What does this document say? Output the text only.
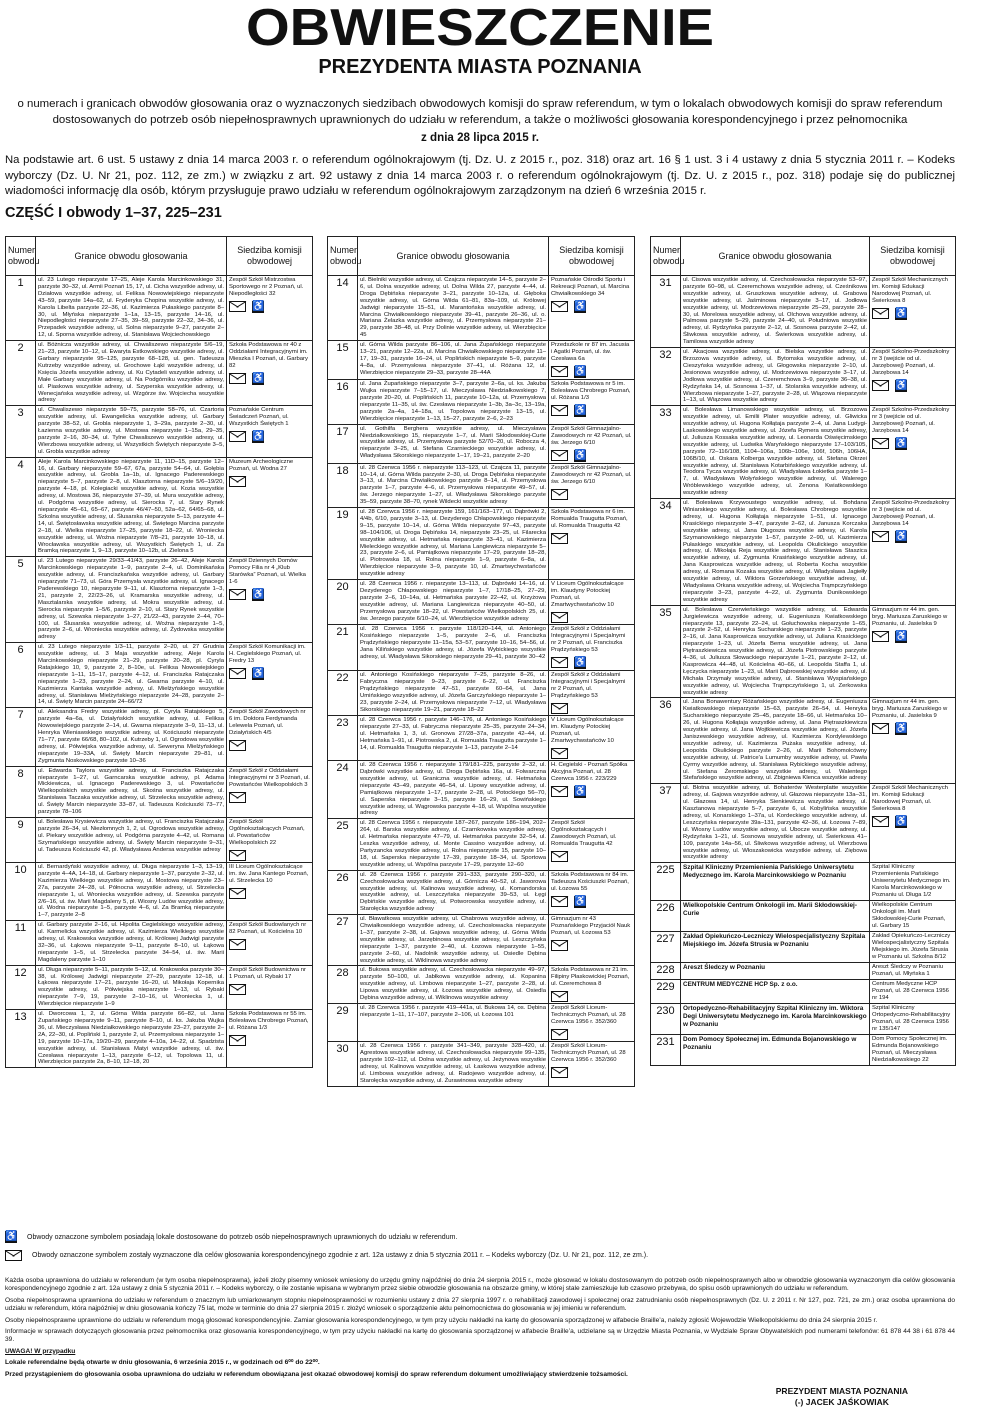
OBWIESZCZENIE
PREZYDENTA MIASTA POZNANIA
o numerach i granicach obwodów głosowania oraz o wyznaczonych siedzibach obwodowych komisji do spraw referendum, w tym o lokalach obwodowych komisji do spraw referendum dostosowanych do potrzeb osób niepełnosprawnych uprawnionych do udziału w referendum, a także o możliwości głosowania korespondencyjnego i przez pełnomocnika
z dnia 28 lipca 2015 r.
Na podstawie art. 6 ust. 5 ustawy z dnia 14 marca 2003 r. o referendum ogólnokrajowym (tj. Dz. U. z 2015 r., poz. 318) oraz art. 16 § 1 ust. 3 i 4 ustawy z dnia 5 stycznia 2011 r. – Kodeks wyborczy (Dz. U. Nr 21, poz. 112, ze zm.) w związku z art. 92 ustawy z dnia 14 marca 2003 r. o referendum ogólnokrajowym (tj. Dz. U. z 2015 r., poz. 318) podaje się do publicznej wiadomości informację dla osób, którym przysługuje prawo udziału w referendum ogólnokrajowym zarządzonym na dzień 6 września 2015 r.
CZĘŚĆ I obwody 1–37, 225–231
Numer obwodu	Granice obwodu głosowania	Siedziba komisji obwodowej
1	ul. 23 Lutego nieparzyste 17–25, Aleje Karola Marcinkowskiego 31, parzyste 30–32, ul. Armii Poznań 15, 17, ul. Cicha wszystkie adresy, ul. Działowa wszystkie adresy, ul. Feliksa Nowowiejskiego nieparzyste 43–59, parzyste 14a–62, ul. Fryderyka Chopina wszystkie adresy, ul. Karola Libelta parzyste 22–36, ul. Kazimierza Pułaskiego parzyste 8–30, ul. Młyńska nieparzyste 1–1a, 13–15, parzyste 14–16, ul. Niepodległości nieparzyste 27–35, 39–59, parzyste 22–32, 34–36, ul. Przepadek wszystkie adresy, ul. Solna nieparzyste 9–27, parzyste 2–12, ul. Sporna wszystkie adresy, ul. Stanisława Wojciechowskiego	Zespół Szkół Mistrzostwa Sportowego nr 2 Poznań, ul. Niepodległości 32
♿

2	ul. Bóżnicza wszystkie adresy, ul. Chwaliszewo nieparzyste 5/6–19, 21–23, parzyste 10–12, ul. Ewaryta Estkowskiego wszystkie adresy, ul. Garbary nieparzyste 95–125, parzyste 68–128, ul. gen. Tadeusza Kutrzeby wszystkie adresy, ul. Grochowe Łąki wszystkie adresy, ul. Księcia Józefa wszystkie adresy, ul. Ku Cytadeli wszystkie adresy, ul. Małe Garbary wszystkie adresy, ul. Na Podgórniku wszystkie adresy, ul. Piaskowa wszystkie adresy, ul. Szyperska wszystkie adresy, ul. Wenecjańska wszystkie adresy, ul. Wzgórze św. Wojciecha wszystkie adresy	Szkoła Podstawowa nr 40 z Oddziałami Integracyjnymi im. Mieszka I Poznań, ul. Garbary 82
♿

3	ul. Chwaliszewo nieparzyste 59–75, parzyste 58–76, ul. Czartoria wszystkie adresy, ul. Ewangelicka wszystkie adresy, ul. Garbary parzyste 38–52, ul. Grobla nieparzyste 1, 3–29a, parzyste 2–30, ul. Łazienna wszystkie adresy, ul. Mostowa nieparzyste 1–15a, 29–35, parzyste 2–16, 30–34, ul. Tylne Chwaliszewo wszystkie adresy, ul. Wierzbowa wszystkie adresy, ul. Wszystkich Świętych nieparzyste 3–5, ul. Grobla wszystkie adresy	Poznańskie Centrum Świadczeń Poznań, ul. Wszystkich Świętych 1
♿

4	Aleje Karola Marcinkowskiego nieparzyste 11, 11D–15, parzyste 12–16, ul. Garbary nieparzyste 59–67, 67a, parzyste 54–64, ul. Gołębia wszystkie adresy, ul. Grobla 1a–1b, ul. Ignacego Paderewskiego nieparzyste 5–7, parzyste 2–8, ul. Klasztorna nieparzyste 5/6–19/20, parzyste 4–18, pl. Kolegiacki wszystkie adresy, ul. Kozia wszystkie adresy, ul. Mostowa 36, nieparzyste 37–39, ul. Mura wszystkie adresy, ul. Podgórna wszystkie adresy, ul. Sierocka 7, ul. Stary Rynek nieparzyste 45–61, 65–67, parzyste 46/47–50, 52a–62, 64/65–68, ul. Szkolna wszystkie adresy, ul. Ślusarska nieparzyste 5–13, parzyste 4–14, ul. Świętosławska wszystkie adresy, ul. Świętego Marcina parzyste 2–18, ul. Wielka nieparzyste 17–25, parzyste 18–22, ul. Wroniecka wszystkie adresy, ul. Woźna nieparzyste 7/8–21, parzyste 10–18, ul. Wrocławska wszystkie adresy, ul. Wszystkich Świętych 1, ul. Za Bramką nieparzyste 1, 9–13, parzyste 10–12b, ul. Zielona 5	Muzeum Archeologiczne Poznań, ul. Wodna 27

5	ul. 23 Lutego nieparzyste 29/33–41/43, parzyste 26–42, Aleje Karola Marcinkowskiego nieparzyste 1–9, parzyste 2–4, ul. Dominikańska wszystkie adresy, ul. Franciszkańska wszystkie adresy, ul. Garbary nieparzyste 71–73, ul. Góra Przemysła wszystkie adresy, ul. Ignacego Paderewskiego 10, nieparzyste 9–11, ul. Klasztorna nieparzyste 1–3, 21, parzyste 2, 22/23–26, ul. Kramarska wszystkie adresy, ul. Masztalarska wszystkie adresy, ul. Mokra wszystkie adresy, ul. Sierocka nieparzyste 1–5/6, parzyste 2–10, ul. Stary Rynek wszystkie adresy, ul. Szewska nieparzyste 1–27, 21/22–43, parzyste 2–44, 70–100, ul. Ślusarska wszystkie adresy, ul. Woźna nieparzyste 1–5, parzyste 2–6, ul. Wroniecka wszystkie adresy, ul. Żydowska wszystkie adresy	Zespół Dziennych Domów Pomocy Filia nr 4 „Klub Starówka” Poznań, ul. Wielka 1-6
♿

6	ul. 23 Lutego nieparzyste 1/3–11, parzyste 2–20, ul. 27 Grudnia wszystkie adresy, ul. 3 Maja wszystkie adresy, Aleje Karola Marcinkowskiego nieparzyste 21–29, parzyste 20–28, pl. Cyryla Ratajskiego 10, 9, parzyste 2, 8–10e, ul. Feliksa Nowowiejskiego nieparzyste 1–11, 15–17, parzyste 4–12, ul. Franciszka Ratajczaka nieparzyste 1–23, parzyste 2–24, ul. Gwarna parzyste 4–10, ul. Kazimierza Kantaka wszystkie adresy, ul. Mielżyńskiego wszystkie adresy, ul. Stanisława Mielżyńskiego nieparzyste 24–28, parzyste 2–14, ul. Święty Marcin parzyste 24–66/72	Zespół Szkół Komunikacji im. H. Cegielskiego Poznań, ul. Fredry 13
♿

7	ul. Aleksandra Fredry wszystkie adresy, pl. Cyryla Ratajskiego 5, parzyste 4a–6a, ul. Działyńskich wszystkie adresy, ul. Feliksa Nowowiejskiego parzyste 2–14, ul. Gwarna nieparzyste 3–9, 11–13, ul. Henryka Wieniawskiego wszystkie adresy, ul. Kościuszki nieparzyste 71–77, parzyste 66/68, 80–102, ul. Kutrzeby 1, ul. Ogrodowa wszystkie adresy, ul. Półwiejska wszystkie adresy, ul. Sewerynа Mielżyńskiego nieparzyste 19–33A, ul. Święty Marcin nieparzyste 29–81, ul. Zygmunta Noskowskiego parzyste 10–36	Zespół Szkół Zawodowych nr 6 im. Doktora Ferdynanda Lelewela Poznań, ul. Działyńskich 4/5

8	ul. Edwarda Taylora wszystkie adresy, ul. Franciszka Ratajczaka nieparzyste 1–27, ul. Garncarska wszystkie adresy, pl. Adama Mickiewicza, ul. Ignacego Paderewskiego 3, ul. Powstańców Wielkopolskich wszystkie adresy, ul. Skośna wszystkie adresy, ul. Stanisława Taczaka wszystkie adresy, ul. Strzelecka wszystkie adresy, ul. Święty Marcin nieparzyste 33–87, ul. Tadeusza Kościuszki 73–77, parzyste 78–106	Zespół Szkół z Oddziałami Integracyjnymi nr 3 Poznań, ul. Powstańców Wielkopolskich 3

9	ul. Bolesława Krysiewicza wszystkie adresy, ul. Franciszka Ratajczaka parzyste 26–34, ul. Niezłomnych 1, 2, ul. Ogrodowa wszystkie adresy, ul. Piekary wszystkie adresy, ul. Podgórna parzyste 4–42, ul. Romana Szymańskiego wszystkie adresy, ul. Święty Marcin nieparzyste 9–31, ul. Tadeusza Kościuszki 42, pl. Władysława Andersa wszystkie adresy	Zespół Szkół Ogólnokształcących Poznań, ul. Powstańców Wielkopolskich 22

10	ul. Bernardyński wszystkie adresy, ul. Długa nieparzyste 1–3, 13–19, parzyste 4–4A, 14–18, ul. Garbary nieparzyste 1–37, parzyste 2–32, ul. Kazimierza Wielkiego wszystkie adresy, ul. Mostowa nieparzyste 23–27a, parzyste 24–28, ul. Północna wszystkie adresy, ul. Strzelecka nieparzyste 1, ul. Wroniecka wszystkie adresy, ul. Szewska parzyste 2/6–16, ul. św. Marii Magdaleny 5, pl. Wiosny Ludów wszystkie adresy, ul. Wodna nieparzyste 1–5, parzyste 4–6, ul. Za Bramką nieparzyste 1–7, parzyste 2–8	III Liceum Ogólnokształcące im. św. Jana Kantego Poznań, ul. Strzelecka 10

11	ul. Garbary parzyste 2–16, ul. Hipolita Cegielskiego wszystkie adresy, ul. Karmelicka wszystkie adresy, ul. Kazimierza Wielkiego wszystkie adresy, ul. Krakowska wszystkie adresy, ul. Królowej Jadwigi parzyste 32–36, ul. Łąkowa nieparzyste 9–11, parzyste 8–10, ul. Łąkowa nieparzyste 1–5, ul. Strzelecka parzyste 34–54, ul. św. Marii Magdaleny parzyste 1–10	Zespół Szkół Budowlanych nr 82 Poznań, ul. Kościelna 10

12	ul. Długa nieparzyste 5–11, parzyste 5–12, ul. Krakowska parzyste 30–38, ul. Królowej Jadwigi nieparzyste 27–29, parzyste 12–18, ul. Łąkowa nieparzyste 17–21, parzyste 16–20, ul. Mikołaja Kopernika wszystkie adresy, ul. Półwiejska nieparzyste 1–13, ul. Rybaki nieparzyste 7–9, 19, parzyste 2–10–16, ul. Wroniecka 1, ul. Wierzbięcice nieparzyste 1–9	Zespół Szkół Budownictwa nr 1 Poznań, ul. Rybaki 17

13	ul. Dworcowa 1, 2, ul. Górna Wilda parzyste 66–82, ul. Jana Żupańskiego nieparzyste 9–11, parzyste 8–10, ul. ks. Jakuba Wujka 36, ul. Mieczysława Niedziałkowskiego nieparzyste 23–27, parzyste 2–2A, 22–30, ul. Popliński 1, parzyste 2, ul. Przemysłowa nieparzyste 1–19, parzyste 10–17a, 19/20–29, parzyste 4–10a, 14–22, ul. Spadzista wszystkie adresy, ul. Stanisława Matyi wszystkie adresy, ul. św. Czesława nieparzyste 1–13, parzyste 6–12, ul. Topolowa 11, ul. Wierzbięcice parzyste 2a, 8–10, 12–18, 20	Szkoła Podstawowa nr 55 im. Bolesława Chrobrego Poznań, ul. Różana 1/3
Numer obwodu	Granice obwodu głosowania	Siedziba komisji obwodowej
14	ul. Bielniki wszystkie adresy, ul. Czajcza nieparzyste 14–5, parzyste 2–6, ul. Dolna wszystkie adresy, ul. Dolna Wilda 27, parzyste 4–44, ul. Droga Dębińska nieparzyste 3–21, parzyste 10–12a, ul. Głęboka wszystkie adresy, ul. Górna Wilda 61–81, 83a–109, ul. Królowej Jadwigi nieparzyste 15–51, ul. Marantońska wszystkie adresy, ul. Marcina Chwiałkowskiego nieparzyste 39–41, parzyste 26–36, ul. o. Mariana Żelazka wszystkie adresy, ul. Przemysłowa nieparzyste 21–29, parzyste 38–48, ul. Przy Dolinie wszystkie adresy, ul. Wierzbięcice 45	Poznańskie Ośrodki Sportu i Rekreacji Poznań, ul. Marcina Chwiałkowskiego 34
♿

15	ul. Górna Wilda parzyste 86–106, ul. Jana Żupańskiego nieparzyste 13–21, parzyste 12–22a, ul. Marcina Chwiałkowskiego nieparzyste 11–17, 19–31, parzyste 16–24, ul. Poplińskich nieparzyste 5–9, parzyste 4–8a, ul. Przemysłowa nieparzyste 37–41, ul. Różana 12, ul. Wierzbięcice nieparzyste 29–33, parzyste 28–44A	Przedszkole nr 87 im. Jacusia i Agatki Poznań, ul. św. Czesława 6a
♿

16	ul. Jana Żupańskiego nieparzyste 3–7, parzyste 2–6a, ul. ks. Jakuba Wujka nieparzyste 7–15–17, ul. Mieczysława Niedziałkowskiego 7, parzyste 20–20, ul. Poplińskich 11, parzyste 10–12a, ul. Przemysłowa nieparzyste 11–35, ul. św. Czesława nieparzyste 1–3b, 3a–3c, 13–19a, parzyste 2a–4a, 14–18a, ul. Topolowa nieparzyste 13–15, ul. Wierzbięcice nieparzyste 1–13, 15–27, parzyste 2–6, 2–23	Szkoła Podstawowa nr 5 im. Bolesława Chrobrego Poznań, ul. Różana 1/3
♿

17	ul. Gothilfa Berghera wszystkie adresy, ul. Mieczysława Niedziałkowskiego 15, nieparzyste 1–7, ul. Marii Skłodowskiej-Curie wszystkie adresy, ul. Przemysłowa parzyste 52/70–20, ul. Robocza 4, nieparzyste 3–25, ul. Stefana Czarnieckiego wszystkie adresy, ul. Władysława Sikorskiego nieparzyste 1–17, 19–21, parzyste 2–20	Zespół Szkół Gimnazjalno-Zawodowych nr 42 Poznań, ul. św. Jerzego 6/10
♿

18	ul. 28 Czerwca 1956 r. nieparzyste 113–123, ul. Czajcza 11, parzyste 10–14, ul. Górna Wilda parzyste 2–30, ul. Droga Dębińska nieparzyste 3–13, ul. Marcina Chwiałkowskiego parzyste 8–14, ul. Przemysłowa parzyste 1–7, parzyste 4–6, ul. Przemysłowa nieparzyste 49–57, ul. św. Jerzego nieparzyste 1–27, ul. Władysława Sikorskiego parzyste 35–59, parzyste 38–70, rynek Wildecki wszystkie adresy	Zespół Szkół Gimnazjalno-Zawodowych nr 42 Poznań, ul. św. Jerzego 6/10

19	ul. 28 Czerwca 1956 r. nieparzyste 159, 161/163–177, ul. Dąbrówki 2, 4/4b, 6/10, parzyste 3–13, ul. Dezyderego Chłapowskiego nieparzyste 9–15, parzyste 10–14, ul. Górna Wilda nieparzyste 97–43, parzyste 98–104/106, ul. Droga Dębińska 14, nieparzyste 23–25, ul. Filarecka wszystkie adresy, ul. Hetmańska nieparzyste 33–41, ul. Kazimierza Mieleckiego wszystkie adresy, ul. Mariana Langiewicza nieparzyste 5–23, parzyste 2–6, ul. Pamiątkowa nieparzyste 17–29, parzyste 18–28, ul. Piotrowska 18, ul. Rolna nieparzyste 1–9, parzyste 6–8a, ul. Wierzbięcice nieparzyste 3–9, parzyste 10, ul. Zmartwychwstańców wszystkie adresy	Szkoła Podstawowa nr 6 im. Romualda Traugutta Poznań, ul. Romualda Traugutta 42

20	ul. 28 Czerwca 1956 r. nieparzyste 13–113, ul. Dąbrówki 14–16, ul. Dezyderego Chłapowskiego nieparzyste 1–7, 17/18–25, 27–29, parzyste 2–6, 10–14a, ul. Hetmańska parzyste 22–42, ul. Krzyżowa wszystkie adresy, ul. Mariana Langiewicza nieparzyste 40–50, ul. Przemysłowa parzyste 18–22, ul. Powstańców Wielkopolskich 25, ul. św. Jerzego parzyste 6/10–24, ul. Wierzbięcice wszystkie adresy	V Liceum Ogólnokształcące im. Klaudyny Potockiej Poznań, ul. Zmartwychwstańców 10

21	ul. 28 Czerwca 1956 r. parzyste 118/120–144, ul. Antoniego Kosińskiego nieparzyste 1–5, parzyste 2–6, ul. Franciszka Prądzyńskiego nieparzyste 11–15a, 53–57, parzyste 10–16, 54–56, ul. Jana Kilińskiego wszystkie adresy, ul. Józefa Wybickiego wszystkie adresy, ul. Władysława Sikorskiego nieparzyste 29–41, parzyste 30–42	Zespół Szkół z Oddziałami Integracyjnymi i Specjalnymi nr 2 Poznań, ul. Franciszka Prądzyńskiego 53
♿

22	ul. Antoniego Kosińskiego nieparzyste 7–25, parzyste 8–26, ul. Fabryczna nieparzyste 9–23, parzyste 6–22, ul. Franciszka Prądzyńskiego nieparzyste 47–51, parzyste 60–64, ul. Jana Umińskiego wszystkie adresy, ul. Józefa Garczyńskiego nieparzyste 1–23, parzyste 2–24, ul. Przemysłowa nieparzyste 7–12, ul. Władysława Sikorskiego nieparzyste 19–21, parzyste 18–22	Zespół Szkół z Oddziałami Integracyjnymi i Specjalnymi nr 2 Poznań, ul. Prądzyńskiego 53

23	ul. 28 Czerwca 1956 r. parzyste 146–176, ul. Antoniego Kosińskiego nieparzyste 27–33, ul. Fabryczna nieparzyste 25–35, parzyste 24–34, ul. Hetmańska 1, 3, ul. Gronowa 27/28–37a, parzyste 42–44, ul. Hetmańska 1–91, ul. Piotrowska 2, ul. Romualda Traugutta parzyste 1–14, ul. Romualda Traugutta nieparzyste 1–13, parzyste 2–14	V Liceum Ogólnokształcące im. Klaudyny Potockiej Poznań, ul. Zmartwychwstańców 10

24	ul. 28 Czerwca 1956 r. nieparzyste 179/181–225, parzyste 2–32, ul. Dąbrówki wszystkie adresy, ul. Droga Dębińska 16a, ul. Folwarczna wszystkie adresy, ul. Graniczna wszystkie adresy, ul. Hetmańska nieparzyste 43–49, parzyste 46–54, ul. Lipowy wszystkie adresy, ul. Pamiątkowa nieparzyste 1–17, parzyste 2–28, ul. Potockiego 56–70, ul. Saperska nieparzyste 3–15, parzyste 16–29, ul. Sowińskiego wszystkie adresy, ul. Wągrowska parzyste 4–18, ul. Wspólna wszystkie adresy	H. Cegielski - Poznań Spółka Akcyjna Poznań, ul. 28 Czerwca 1956 r. 223/229
♿

25	ul. 28 Czerwca 1956 r. nieparzyste 187–267, parzyste 186–194, 202–264, ul. Barska wszystkie adresy, ul. Czarnkowska wszystkie adresy, ul. Hetmańska nieparzyste 47–79, ul. Hetmańska parzyste 32–54, ul. Leszka wszystkie adresy, ul. Monte Cassino wszystkie adresy, ul. Partyzancka wszystkie adresy, ul. Rolna nieparzyste 15, parzyste 10–18, ul. Saperska nieparzyste 17–39, parzyste 18–34, ul. Sportowa wszystkie adresy, ul. Wspólna parzyste 17–29, parzyste 12–60	Zespół Szkół Ogólnokształcących i Zawodowych Poznań, ul. Romualda Traugutta 42

26	ul. 28 Czerwca 1956 r. parzyste 291–333, parzyste 290–320, ul. Czechosłowacka wszystkie adresy, ul. Górnicza 40–52, ul. Jaworowa wszystkie adresy, ul. Kalinowa wszystkie adresy, ul. Komandorska wszystkie adresy, ul. Leszczyńska nieparzyste 39–53, ul. Łęgi Dębińskie wszystkie adresy, ul. Potworowska wszystkie adresy, ul. Starołęcka wszystkie adresy	Szkoła Podstawowa nr 84 im. Tadeusza Kościuszki Poznań, ul. Łozowa 55
♿

27	ul. Bławatkowa wszystkie adresy, ul. Chabrowa wszystkie adresy, ul. Chwiałkowskiego wszystkie adresy, ul. Czechosłowacka nieparzyste 1–37, parzyste 2–38, ul. Gajowa wszystkie adresy, ul. Górna Wilda wszystkie adresy, ul. Jarzębinowa wszystkie adresy, ul. Leszczyńska nieparzyste 1–37, parzyste 2–40, ul. Łozowa nieparzyste 1–55, parzyste 2–60, ul. Nadolnik wszystkie adresy, ul. Osiedle Dębina wszystkie adresy, ul. Wiklinowa wszystkie adresy	Gimnazjum nr 43 Poznańskiego Przyjaciół Nauk Poznań, ul. Łozowa 53

28	ul. Bukowa wszystkie adresy, ul. Czechosłowacka nieparzyste 49–97, parzyste 50–100, ul. Jabłkowa wszystkie adresy, ul. Kopanina wszystkie adresy, ul. Limbowa nieparzyste 1–27, parzyste 2–28, ul. Lipowa wszystkie adresy, ul. Łozowa wszystkie adresy, ul. Osiedla Dębina wszystkie adresy, ul. Wiklinowa wszystkie adresy	Szkoła Podstawowa nr 21 im. Filipiny Płaskowickiej Poznań, ul. Czeremchowa 8

29	ul. 28 Czerwca 1956 r. parzyste 419–441a, ul. Bukowa 14, os. Dębina nieparzyste 1–11, 17–107, parzyste 2–106, ul. Łozowa 101	Zespół Szkół Liceum-Technicznych Poznań, ul. 28 Czerwca 1956 r. 352/360

30	ul. 28 Czerwca 1956 r. parzyste 341–349, parzyste 328–420, ul. Agrestowa wszystkie adresy, ul. Czechosłowacka nieparzyste 99–135, parzyste 102–112, ul. Dolna wszystkie adresy, ul. Jeżynowa wszystkie adresy, ul. Kalinowa wszystkie adresy, ul. Łaskowa wszystkie adresy, ul. Limbowa wszystkie adresy, ul. Radojewo wszystkie adresy, ul. Starołęcka wszystkie adresy, ul. Żurawinowa wszystkie adresy	Zespół Szkół Liceum-Technicznych Poznań, ul. 28 Czerwca 1956 r. 352/360
Numer obwodu	Granice obwodu głosowania	Siedziba komisji obwodowej
31	ul. Cisowa wszystkie adresy, ul. Czechosłowacka nieparzyste 53–97, parzyste 60–98, ul. Czeremchowa wszystkie adresy, ul. Cześnikowa wszystkie adresy, ul. Gruszkowa wszystkie adresy, ul. Grabowa wszystkie adresy, ul. Jaśminowa nieparzyste 3–17, ul. Jodłowa wszystkie adresy, ul. Modrzewiowa nieparzyste 25–29, parzyste 28–30, ul. Morelowa wszystkie adresy, ul. Olchowa wszystkie adresy, ul. Palmowa parzyste 5–29, parzyste 24–40, ul. Południowa wszystkie adresy, ul. Rydzyńska parzyste 2–12, ul. Sosnowa parzyste 2–42, ul. Śliwkowa wszystkie adresy, ul. Świerkowa wszystkie adresy, ul. Tamilowa wszystkie adresy	Zespół Szkół Mechanicznych im. Komisji Edukacji Narodowej Poznań, ul. Świerkowa 8
♿

32	ul. Akacjowa wszystkie adresy, ul. Bielska wszystkie adresy, ul. Brzozowa wszystkie adresy, ul. Bytomska wszystkie adresy, ul. Cieszyńska wszystkie adresy, ul. Głogowska nieparzyste 2–10, ul. Jesionowa wszystkie adresy, ul. Modrzewiowa nieparzyste 3–17, ul. Jodłowa wszystkie adresy, ul. Czeremchowa 3–9, parzyste 36–38, ul. Rydzyńska 14, ul. Sosnowa 1–37, ul. Stolarska wszystkie adresy, ul. Wierzbowa nieparzyste 1–27, parzyste 2–28, ul. Wiązowa nieparzyste 1–13, ul. Wiązowa wszystkie adresy	Zespół Szkolno-Przedszkolny nr 3 (wejście od ul. Jarzębowej) Poznań, ul. Jarzębowa 14
♿

33	ul. Bolesława Limanowskiego wszystkie adresy, ul. Brzozowa wszystkie adresy, ul. Emilii Plater wszystkie adresy, ul. Gliwicka wszystkie adresy, ul. Hugona Kołłątaja parzyste 2–4, ul. Jana Ludygi-Laskowskiego wszystkie adresy, ul. Józefa Rymera wszystkie adresy, ul. Juliusza Kossaka wszystkie adresy, ul. Leonarda Oświęcimskiego wszystkie adresy, ul. Ludwika Waryńskiego nieparzyste 17–103/105, parzyste 72–116/108, 1104–106a, 106b–106e, 106f, 106h, 106HA, 106B/10, ul. Oskara Kolberga wszystkie adresy, ul. Stefana Okrzei wszystkie adresy, ul. Stanisława Kotarbińskiego wszystkie adresy, ul. Teodora Tycza wszystkie adresy, ul. Władysława Łokietka parzyste 1–7, ul. Władysława Wołyńskiego wszystkie adresy, ul. Walerego Wróblewskiego wszystkie adresy, ul. Zenona Kwiatkowskiego wszystkie adresy	Zespół Szkolno-Przedszkolny nr 3 (wejście od ul. Jarzębowej) Poznań, ul. Jarzębowa 14
♿

34	ul. Bolesława Krzywoustego wszystkie adresy, ul. Bohdana Winiarskiego wszystkie adresy, ul. Bolesława Chrobrego wszystkie adresy, ul. Hugona Kołłątaja nieparzyste 1–51, ul. Ignacego Krasickiego nieparzyste 3–47, parzyste 2–62, ul. Janusza Korczaka wszystkie adresy, ul. Jana Długosza wszystkie adresy, ul. Karola Szymanowskiego nieparzyste 1–57, parzyste 2–90, ul. Kazimierza Pułaskiego wszystkie adresy, ul. Leopolda Okulickiego wszystkie adresy, ul. Mikołaja Reja wszystkie adresy, ul. Stanisława Staszica wszystkie adresy, ul. Zygmunta Krasińskiego wszystkie adresy, ul. Jana Kasprowicza wszystkie adresy, ul. Robertа Kocha wszystkie adresy, ul. Romana Kozaka wszystkie adresy, ul. Władysława Jagiełły wszystkie adresy, ul. Wiktora Gorzeńskiego wszystkie adresy, ul. Władysława Orkana wszystkie adresy, ul. Wojciecha Trąmpczyńskiego nieparzyste 3–23, parzyste 4–22, ul. Zygmunta Dunikowskiego wszystkie adresy	Zespół Szkolno-Przedszkolny nr 3 (wejście od ul. Jarzębowej) Poznań, ul. Jarzębowa 14
♿

35	ul. Bolesława Czerwieńskiego wszystkie adresy, ul. Edwarda Jurgielewicza wszystkie adresy, ul. Eugeniusza Kwiatkowskiego nieparzyste 13, parzyste 22–24, ul. Gołuchowska nieparzyste 1–65, parzyste 2–52, ul. Henryka Sucharskiego nieparzyste 1–23, parzyste 2–16, ul. Jana Kasprowicza wszystkie adresy, ul. Juliana Krasickiego nieparzyste 1–23, ul. Józefa Bema wszystkie adresy, ul. Jana Piętraszkiewicza wszystkie adresy, ul. Józefa Piotrowskiego parzyste 4–36, ul. Juliusza Słowackiego nieparzyste 1–21, parzyste 2–12, ul. Kasprowicza 44–48, ul. Kościelna 40–66, ul. Leopolda Staffa 1, ul. Łęczycka nieparzyste 1–23, ul. Marii Dąbrowskiej wszystkie adresy, ul. Michała Drzymały wszystkie adresy, ul. Stanisława Wyspiańskiego wszystkie adresy, ul. Wojciecha Trąmpczyńskiego 1, ul. Zerkowska wszystkie adresy	Gimnazjum nr 44 im. gen. bryg. Mariusza Zaruskiego w Poznaniu, ul. Jasielska 9
♿

36	ul. Jana Bonawentury Różańskiego wszystkie adresy, ul. Eugeniusza Kwiatkowskiego nieparzyste 15–63, parzyste 26–54, ul. Henryka Sucharskiego nieparzyste 25–45, parzyste 18–66, ul. Hetmańska 10–26, ul. Hugona Kołłątaja wszystkie adresy, ul. Jana Piętraszkiewicza wszystkie adresy, ul. Jana Wojtkiewicza wszystkie adresy, ul. Józefa Janiszewskiego wszystkie adresy, ul. Kazimierza Kordylewskiego wszystkie adresy, ul. Kazimierza Pużaka wszystkie adresy, ul. Leopolda Okulickiego parzyste 2–26, ul. Marii Bohomolcówny wszystkie adresy, ul. Patrice'a Lumumby wszystkie adresy, ul. Pawła Cyrmy wszystkie adresy, ul. Stanisława Rybickiego wszystkie adresy, ul. Stefana Żeromskiego wszystkie adresy, ul. Walentego Stefańskiego wszystkie adresy, ul. Zbigniewa Klenca wszystkie adresy	Gimnazjum nr 44 im. gen. bryg. Mariusza Zaruskiego w Poznaniu, ul. Jasielska 9
♿

37	ul. Błotna wszystkie adresy, ul. Bohaterów Westerplatte wszystkie adresy, ul. Gajowa wszystkie adresy, ul. Głazowa nieparzyste 13a–31, ul. Głazowa 14, ul. Henryka Sienkiewicza wszystkie adresy, ul. Kasztanowa nieparzyste 5–7, parzyste 6, ul. Kobylińska wszystkie adresy, ul. Konarskiego 1–37a, ul. Kordeckiego wszystkie adresy, ul. Leszczyńska nieparzyste 39a–131, parzyste 42–36, ul. Łozowa 7–89, ul. Wiosny Ludów wszystkie adresy, ul. Ubocze wszystkie adresy, ul. Rydzyńska 1–21, ul. Sosnowa wszystkie adresy, ul. Świerkowa 41–109, parzyste 14a–56, ul. Śliwkowa wszystkie adresy, ul. Wierzbowa wszystkie adresy, ul. Włoszakowicka wszystkie adresy, ul. Ziębowa wszystkie adresy	Zespół Szkół Mechanicznych im. Komisji Edukacji Narodowej Poznań, ul. Świerkowa 8
♿

225	Szpital Kliniczny Przemienienia Pańskiego Uniwersytetu Medycznego im. Karola Marcinkowskiego w Poznaniu	Szpital Kliniczny Przemienienia Pańskiego Uniwersytetu Medycznego im. Karola Marcinkowskiego w Poznaniu ul. Długa 1/2

226	Wielkopolskie Centrum Onkologii im. Marii Skłodowskiej-Curie	Wielkopolskie Centrum Onkologii im. Marii Skłodowskiej-Curie Poznań, ul. Garbary 15

227	Zakład Opiekuńczo-Leczniczy Wielospecjalistyczny Szpitala Miejskiego im. Józefa Strusia w Poznaniu	Zakład Opiekuńczo-Leczniczy Wielospecjalistyczny Szpitala Miejskiego im. Józefa Strusia w Poznaniu ul. Szkolna 8/12

228	Areszt Śledczy w Poznaniu	Areszt Śledczy w Poznaniu Poznań, ul. Młyńska 1

229	CENTRUM MEDYCZNE HCP Sp. z o.o.	Centrum Medyczne HCP Poznań, ul. 28 Czerwca 1956 nr 194

230	Ortopedyczno-Rehabilitacyjny Szpital Kliniczny im. Wiktora Degi Uniwersytetu Medycznego im. Karola Marcinkowskiego w Poznaniu	Szpital Kliniczny Ortopedyczno-Rehabilitacyjny Poznań, ul. 28 Czerwca 1956 nr 135/147

231	Dom Pomocy Społecznej im. Edmunda Bojanowskiego w Poznaniu	Dom Pomocy Społecznej im. Edmunda Bojanowskiego Poznań, ul. Mieczysława Niedziałkowskiego 22
♿ Obwody oznaczone symbolem posiadają lokale dostosowane do potrzeb osób niepełnosprawnych uprawnionych do udziału w referendum.
Obwody oznaczone symbolem zostały wyznaczone dla celów głosowania korespondencyjnego zgodnie z art. 12a ustawy z dnia 5 stycznia 2011 r. – Kodeks wyborczy (Dz. U. Nr 21, poz. 112, ze zm.).

Każda osoba uprawniona do udziału w referendum (w tym osoba niepełnosprawna), jeżeli złoży pisemny wniosek wniesiony do urzędu gminy najpóźniej do dnia 24 sierpnia 2015 r., może głosować w lokalu dostosowanym do potrzeb osób niepełnosprawnych albo w obwodzie głosowania wyznaczonym dla celów głosowania korespondencyjnego zgodnie z art. 12a ustawy z dnia 5 stycznia 2011 r. – Kodeks wyborczy, o ile zostanie wpisana w wybranym przez siebie obwodzie głosowania na obszarze gminy, w której stale zamieszkuje lub czasowo przebywa, do spisu osób uprawnionych do udziału w referendum.

Osoba niepełnosprawna uprawniona do udziału w referendum o znacznym lub umiarkowanym stopniu niepełnosprawności w rozumieniu ustawy z dnia 27 sierpnia 1997 r. o rehabilitacji zawodowej i społecznej oraz zatrudnianiu osób niepełnosprawnych (Dz. U. z 2011 r. Nr 127, poz. 721, ze zm.) oraz osoba uprawniona do udziału w referendum, która najpóźniej w dniu głosowania kończy 75 lat, może w terminie do dnia 27 sierpnia 2015 r. złożyć wniosek o sporządzenie aktu pełnomocnictwa do głosowania w jej imieniu w referendum.

Osoby niepełnosprawne uprawnione do udziału w referendum mogą głosować korespondencyjnie. Zamiar głosowania korespondencyjnego, w tym przy użyciu nakładki na kartę do głosowania sporządzonej w alfabecie Braille’a, należy zgłosić Wojewodzie Wielkopolskiemu do dnia 24 sierpnia 2015 r.

Informacje w sprawach dotyczących głosowania przez pełnomocnika oraz głosowania korespondencyjnego, w tym przy użyciu nakładki na kartę do głosowania sporządzonej w alfabecie Braille’a, udzielane są w Urzędzie Miasta Poznania, w Wydziale Spraw Obywatelskich pod numerami telefonów: 61 878 44 38 i 61 878 44 39.

UWAGA! W przypadku

Lokale referendalne będą otwarte w dniu głosowania, 6 września 2015 r., w godzinach od 6⁰⁰ do 22⁰⁰.

Przed przystąpieniem do głosowania osoba uprawniona do udziału w referendum obowiązana jest okazać obwodowej komisji do spraw referendum dokument umożliwiający stwierdzenie tożsamości.

PREZYDENT MIASTA POZNANIA
(-) JACEK JAŚKOWIAK
